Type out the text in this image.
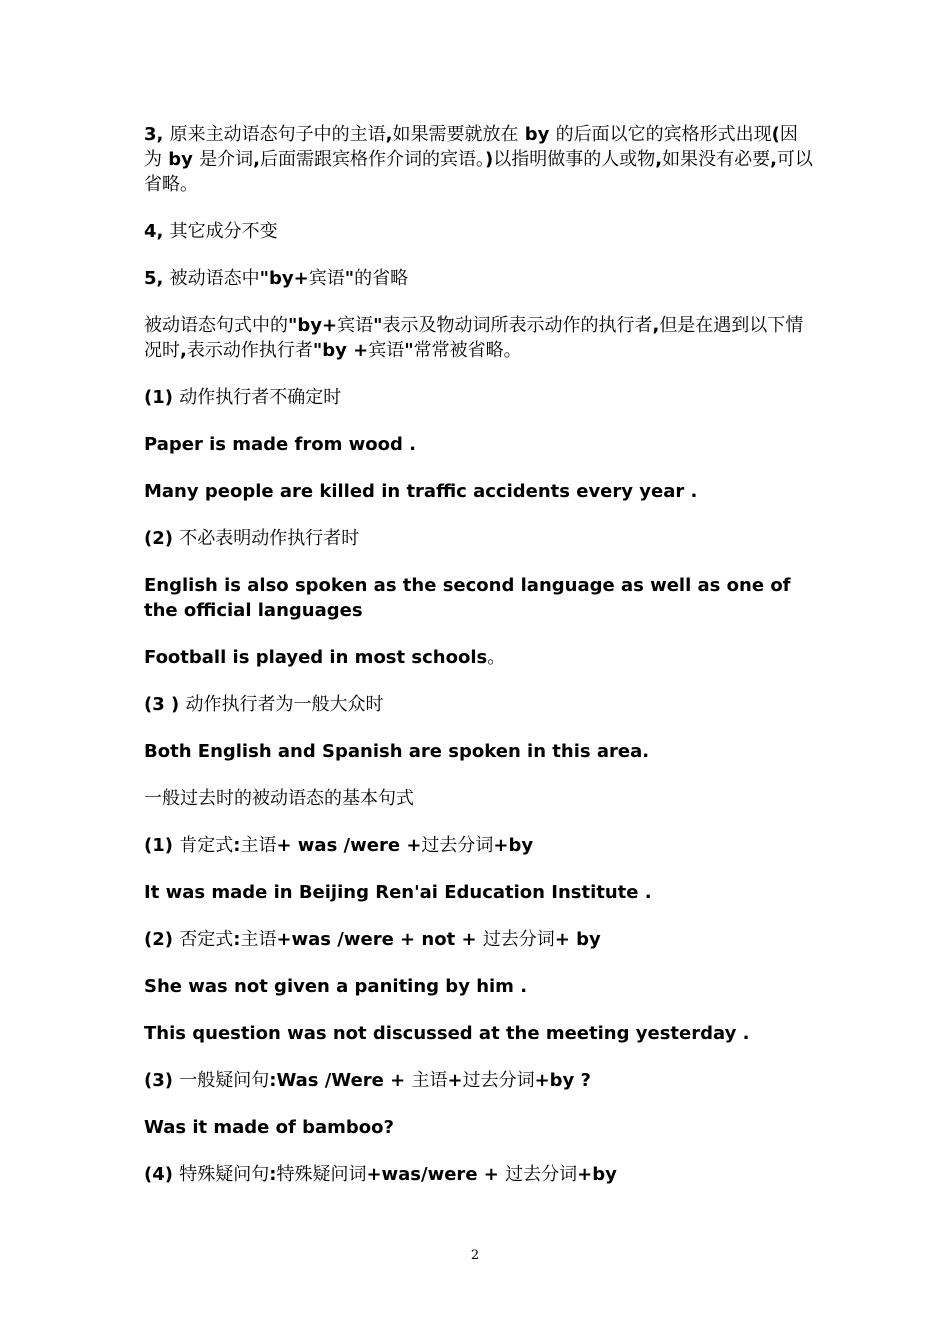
3, 原来主动语态句子中的主语,如果需要就放在 by 的后面以它的宾格形式出现(因为 by 是介词,后面需跟宾格作介词的宾语。)以指明做事的人或物,如果没有必要,可以省略。

4, 其它成分不变

5, 被动语态中"by+宾语"的省略

被动语态句式中的"by+宾语"表示及物动词所表示动作的执行者,但是在遇到以下情况时,表示动作执行者"by +宾语"常常被省略。

(1) 动作执行者不确定时

Paper is made from wood .

Many people are killed in traffic accidents every year .

(2) 不必表明动作执行者时

English is also spoken as the second language as well as one of the official languages

Football is played in most schools。

(3 ) 动作执行者为一般大众时

Both English and Spanish are spoken in this area.

一般过去时的被动语态的基本句式

(1) 肯定式:主语+ was /were +过去分词+by

It was made in Beijing Ren'ai Education Institute .

(2) 否定式:主语+was /were + not + 过去分词+ by

She was not given a paniting by him .

This question was not discussed at the meeting yesterday .

(3) 一般疑问句:Was /Were + 主语+过去分词+by ?

Was it made of bamboo?

(4) 特殊疑问句:特殊疑问词+was/were + 过去分词+by

2
